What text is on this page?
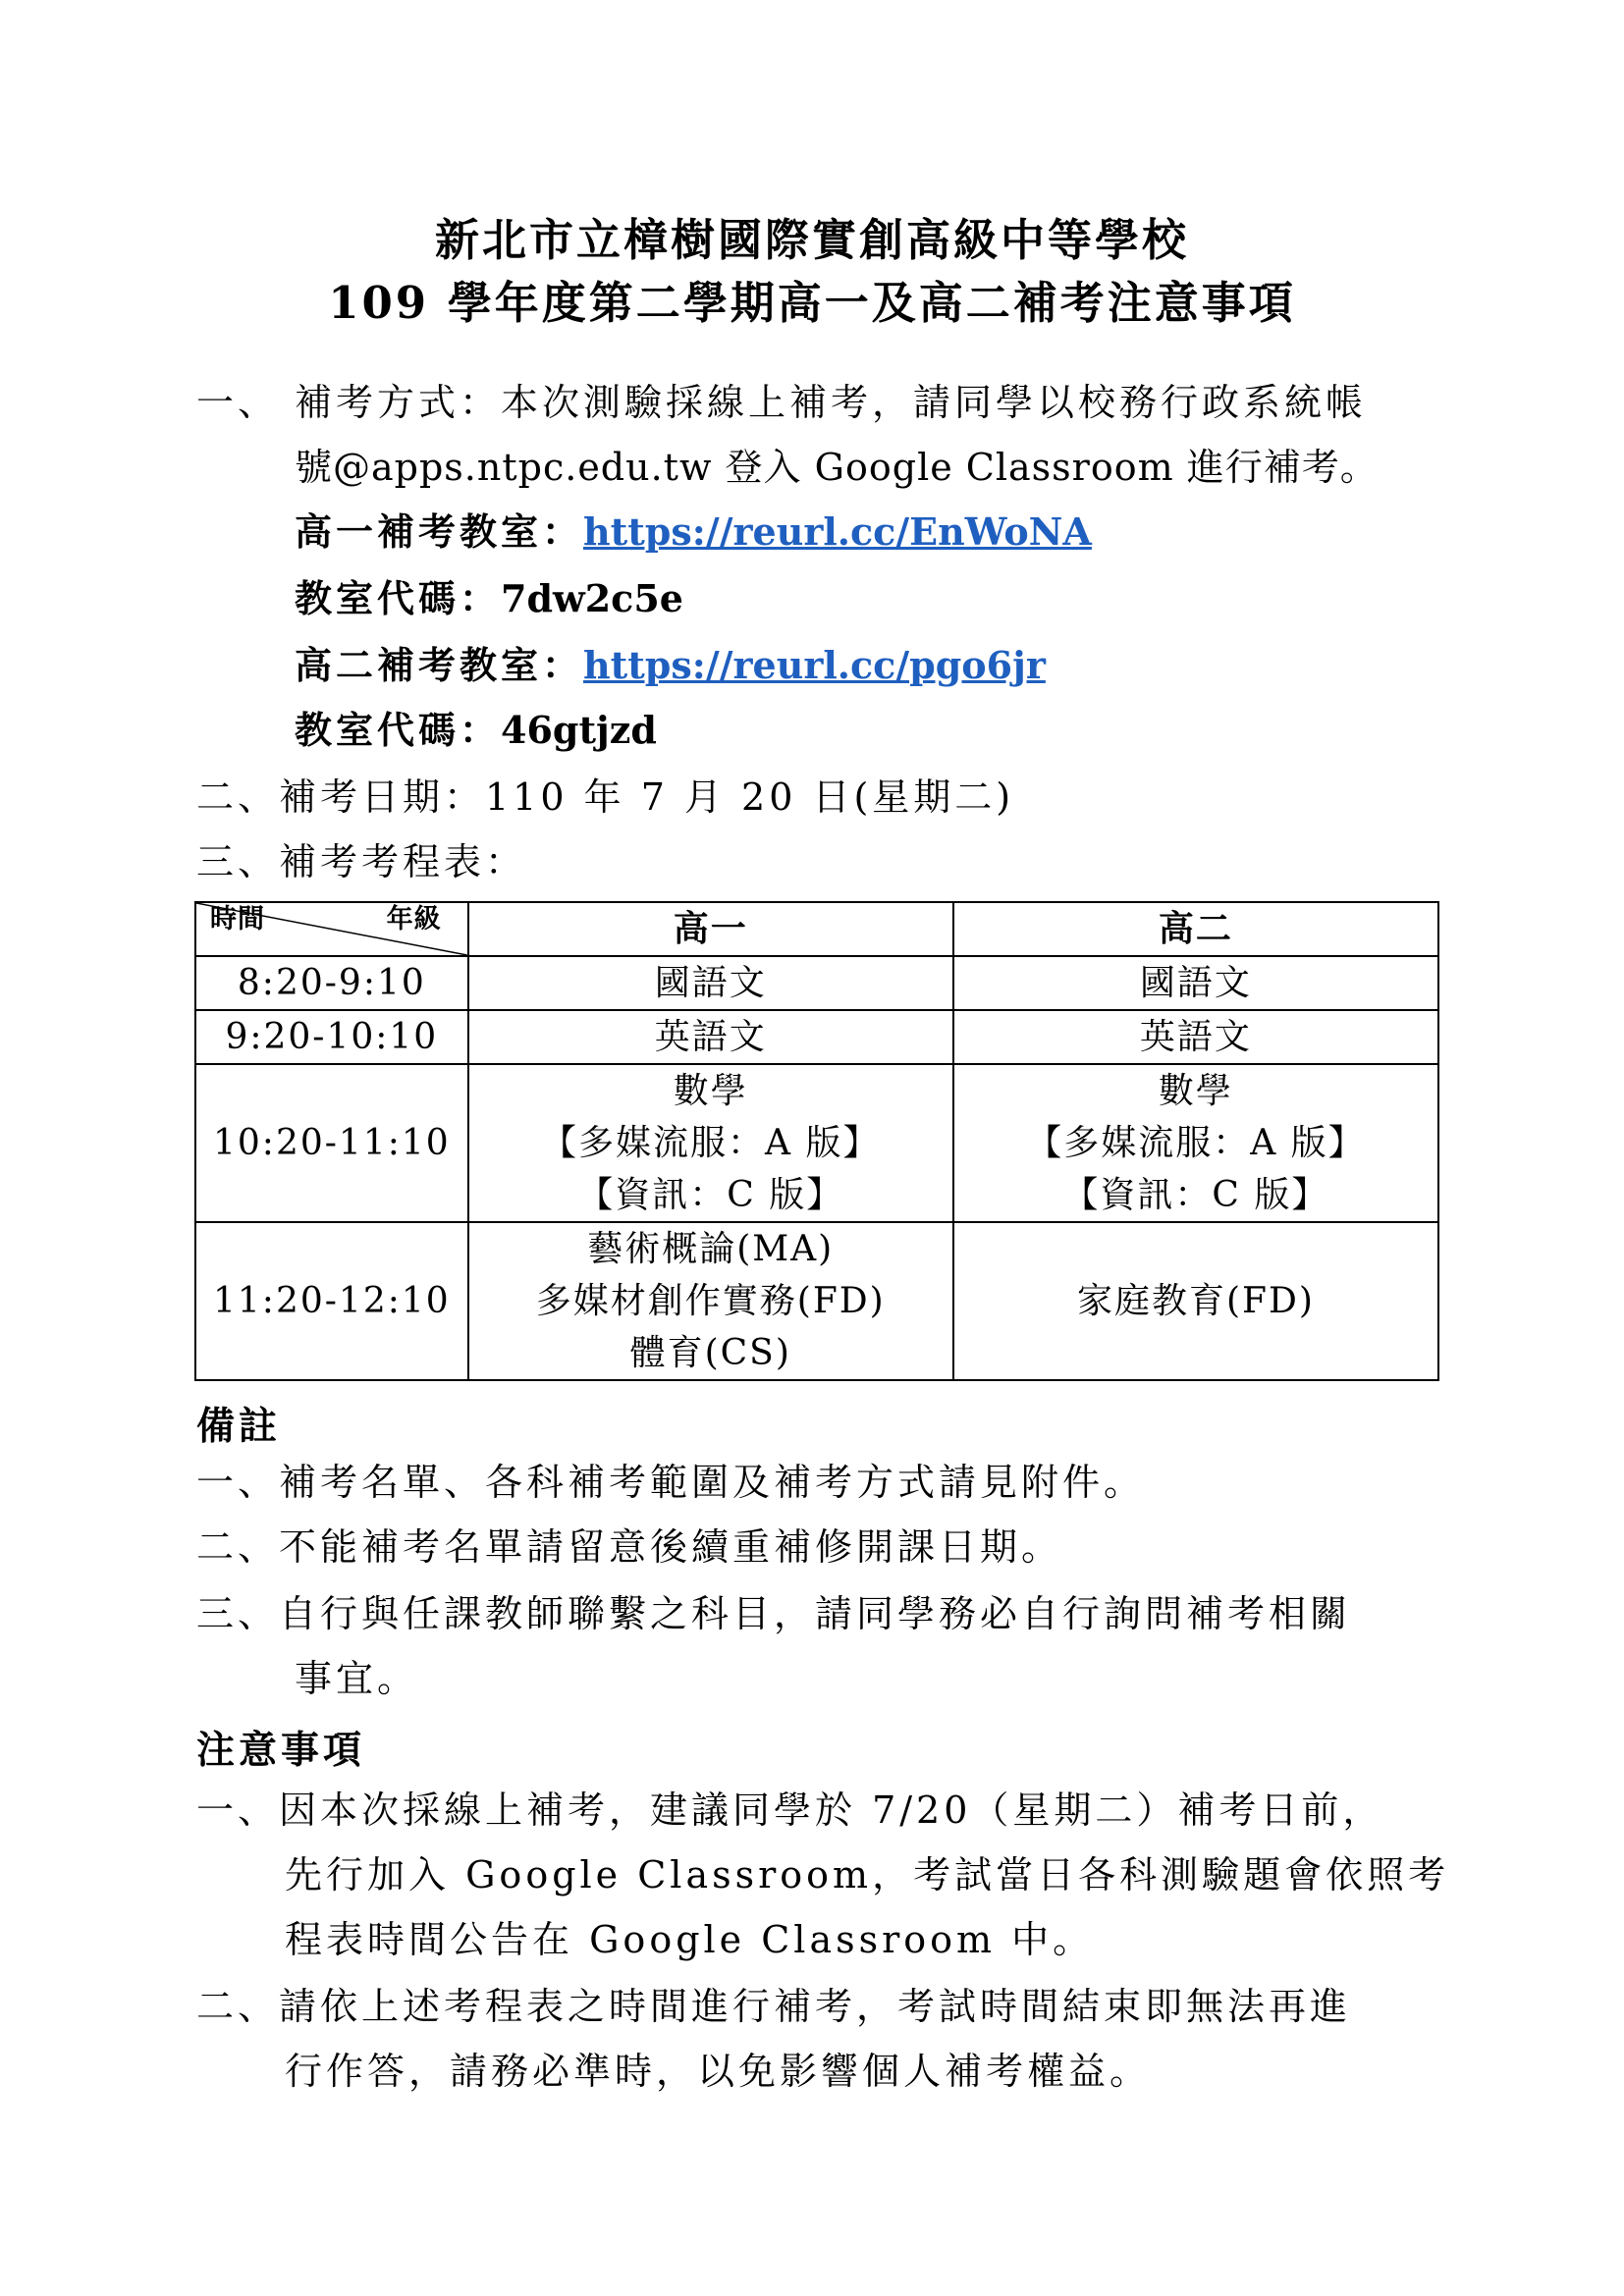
新北市立樟樹國際實創高級中等學校
109 學年度第二學期高一及高二補考注意事項
一、 補考方式：本次測驗採線上補考，請同學以校務行政系統帳
號@apps.ntpc.edu.tw 登入 Google Classroom 進行補考。
高一補考教室：https://reurl.cc/EnWoNA
教室代碼：7dw2c5e
高二補考教室：https://reurl.cc/pgo6jr
教室代碼：46gtjzd
二、補考日期：110 年 7 月 20 日(星期二)
三、補考考程表：
時間 年級	高一	高二
8:20-9:10	國語文	國語文
9:20-10:10	英語文	英語文
10:20-11:10	數學
【多媒流服：A 版】
【資訊：C 版】	數學
【多媒流服：A 版】
【資訊：C 版】

11:20-12:10	藝術概論(MA)
多媒材創作實務(FD)
體育(CS)	家庭教育(FD)
備註
一、補考名單、各科補考範圍及補考方式請見附件。
二、不能補考名單請留意後續重補修開課日期。
三、自行與任課教師聯繫之科目，請同學務必自行詢問補考相關
事宜。
注意事項
一、因本次採線上補考，建議同學於 7/20（星期二）補考日前，
先行加入 Google Classroom，考試當日各科測驗題會依照考
程表時間公告在 Google Classroom 中。
二、請依上述考程表之時間進行補考，考試時間結束即無法再進
行作答，請務必準時，以免影響個人補考權益。
